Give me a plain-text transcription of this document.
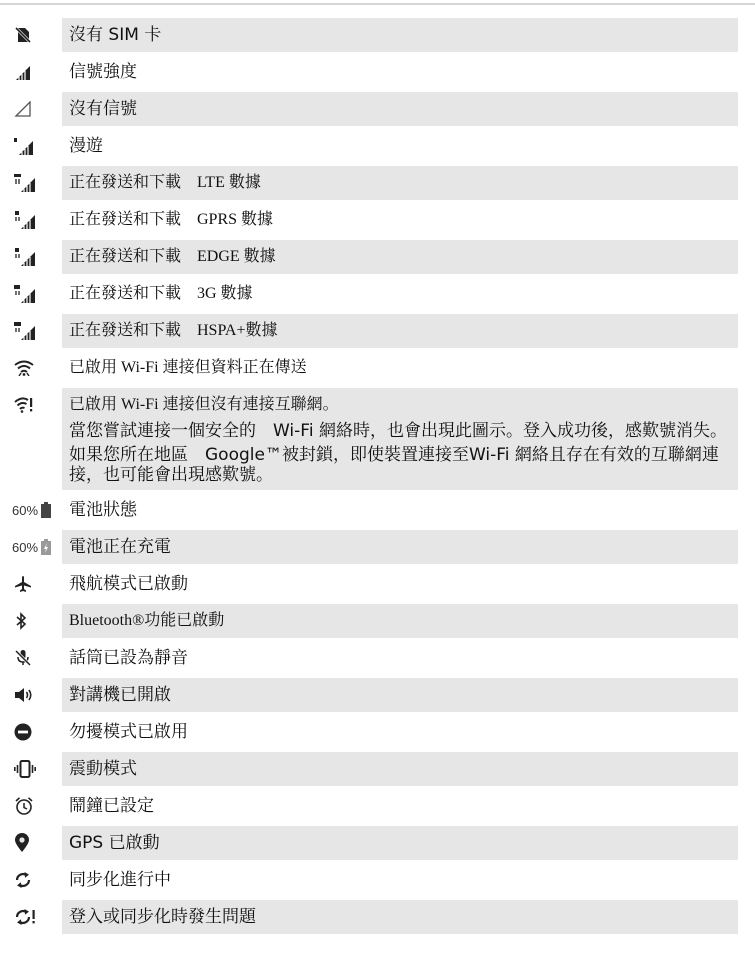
沒有 SIM 卡
信號強度
沒有信號
漫遊
正在發送和下載　LTE 數據
正在發送和下載　GPRS 數據
正在發送和下載　EDGE 數據
正在發送和下載　3G 數據
正在發送和下載　HSPA+數據
已啟用 Wi-Fi 連接但資料正在傳送
已啟用 Wi-Fi 連接但沒有連接互聯網。
當您嘗試連接一個安全的　Wi-Fi 網絡時，也會出現此圖示。登入成功後，感歎號消失。
如果您所在地區　Google™被封鎖，即使裝置連接至Wi-Fi 網絡且存在有效的互聯網連接，也可能會出現感歎號。
60%	電池狀態
60%	電池正在充電
飛航模式已啟動
Bluetooth®功能已啟動
話筒已設為靜音
對講機已開啟
勿擾模式已啟用
震動模式
鬧鐘已設定
GPS 已啟動
同步化進行中
登入或同步化時發生問題
